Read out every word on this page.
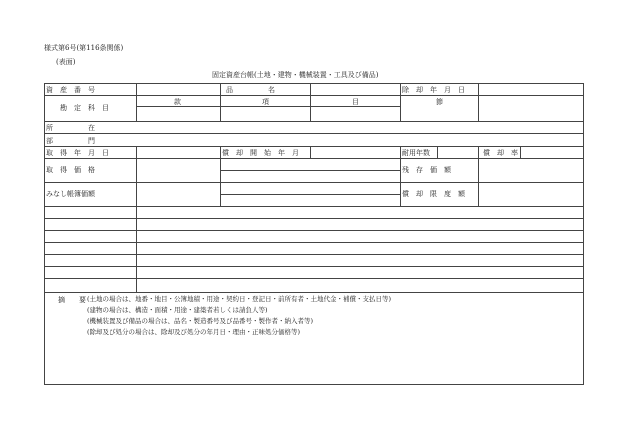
様式第6号(第116条関係)
(表面)
固定資産台帳(土地・建物・機械装置・工具及び備品)
資　産　番　号	品　　　　　名	除　却　年　月　日
勘　定　科　目
款	項	目	節
所　　　　　在
部　　　　　門
取　得　年　月　日	償　却　開　始　年　月	耐用年数	償　却　率
取　得　価　格	残　存　価　額
みなし帳簿価額	償　却　限　度　額
摘　　要 (土地の場合は、地番・地目・公簿地積・用途・契約日・登記日・前所有者・土地代金・補償・支払日等)
(建物の場合は、構造・面積・用途・建築者若しくは請負人等)
(機械装置及び備品の場合は、品名・製造番号及び品番号・製作者・納入者等)
(除却及び処分の場合は、除却及び処分の年月日・理由・正味処分価格等)
